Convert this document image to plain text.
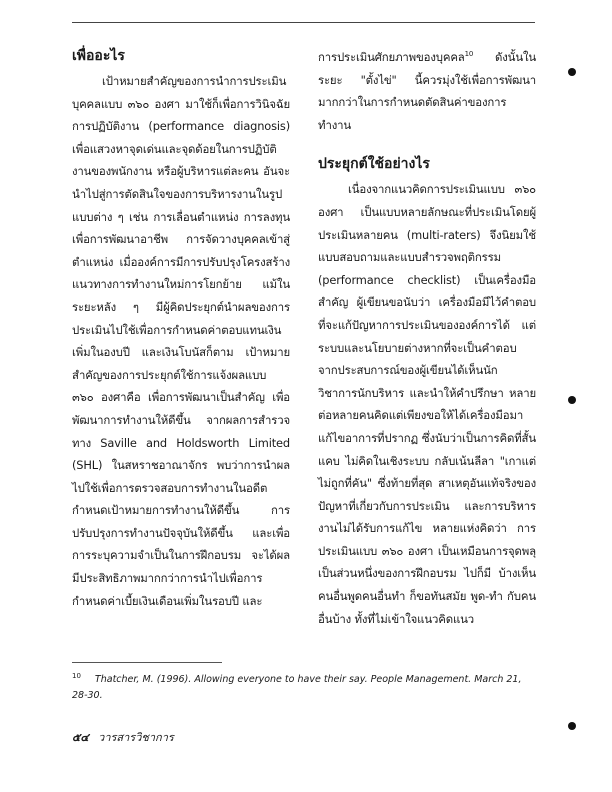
เพื่ออะไร

เป้าหมายสำคัญของการนำการประเมินบุคคลแบบ ๓๖๐ องศา มาใช้ก็เพื่อการวินิจฉัยการปฏิบัติงาน (performance diagnosis) เพื่อแสวงหาจุดเด่นและจุดด้อยในการปฏิบัติงานของพนักงาน หรือผู้บริหารแต่ละคน อันจะนำไปสู่การตัดสินใจของการบริหารงานในรูปแบบต่าง ๆ เช่น การเลื่อนตำแหน่ง การลงทุนเพื่อการพัฒนาอาชีพ การจัดวางบุคคลเข้าสู่ตำแหน่ง เมื่อองค์การมีการปรับปรุงโครงสร้างแนวทางการทำงานใหม่การโยกย้าย แม้ในระยะหลัง ๆ มีผู้คิดประยุกต์นำผลของการประเมินไปใช้เพื่อการกำหนดค่าตอบแทนเงินเพิ่มในองบปี และเงินโบนัสก็ตาม เป้าหมายสำคัญของการประยุกต์ใช้การแจ้งผลแบบ ๓๖๐ องศาคือ เพื่อการพัฒนาเป็นสำคัญ เพื่อพัฒนาการทำงานให้ดีขึ้น จากผลการสำรวจทาง Saville and Holdsworth Limited (SHL) ในสหราชอาณาจักร พบว่าการนำผลไปใช้เพื่อการตรวจสอบการทำงานในอดีต กำหนดเป้าหมายการทำงานให้ดีขึ้น การปรับปรุงการทำงานปัจจุบันให้ดีขึ้น และเพื่อการระบุความจำเป็นในการฝึกอบรม จะได้ผลมีประสิทธิภาพมากกว่าการนำไปเพื่อการกำหนดค่าเบี้ยเงินเดือนเพิ่มในรอบปี และ

การประเมินศักยภาพของบุคคล$^{10}$ ดังนั้นในระยะ "ตั้งไข่" นี้ควรมุ่งใช้เพื่อการพัฒนามากกว่าในการกำหนดตัดสินค่าของการทำงาน

ประยุกต์ใช้อย่างไร

เนื่องจากแนวคิดการประเมินแบบ ๓๖๐ องศา เป็นแบบหลายลักษณะที่ประเมินโดยผู้ประเมินหลายคน (multi-raters) จึงนิยมใช้แบบสอบถามและแบบสำรวจพฤติกรรม (performance checklist) เป็นเครื่องมือสำคัญ ผู้เขียนขอนับว่า เครื่องมือมีไว้คำตอบ ที่จะแก้ปัญหาการประเมินขององค์การได้ แต่ระบบและนโยบายต่างหากที่จะเป็นคำตอบ จากประสบการณ์ของผู้เขียนได้เห็นนักวิชาการนักบริหาร และนำให้คำปรึกษา หลายต่อหลายคนคิดแต่เพียงขอให้ได้เครื่องมือมาแก้ไขอาการที่ปรากฏ ซึ่งนับว่าเป็นการคิดที่สั้น แคบ ไม่คิดในเชิงระบบ กลับเน้นลีลา "เกาแต่ไม่ถูกที่คัน" ซึ่งท้ายที่สุด สาเหตุอันแท้จริงของปัญหาที่เกี่ยวกับการประเมิน และการบริหารงานไม่ได้รับการแก้ไข หลายแห่งคิดว่า การประเมินแบบ ๓๖๐ องศา เป็นเหมือนการจุดพลุ เป็นส่วนหนึ่งของการฝึกอบรม ไปก็มี บ้างเห็นคนอื่นพูดคนอื่นทำ ก็ขอทันสมัย พูด-ทำ กับคนอื่นบ้าง ทั้งที่ไม่เข้าใจแนวคิดแนว

$^{10}$ Thatcher, M. (1996). Allowing everyone to have their say. People Management. March 21, 28-30.
๕๔ วารสารวิชาการ
